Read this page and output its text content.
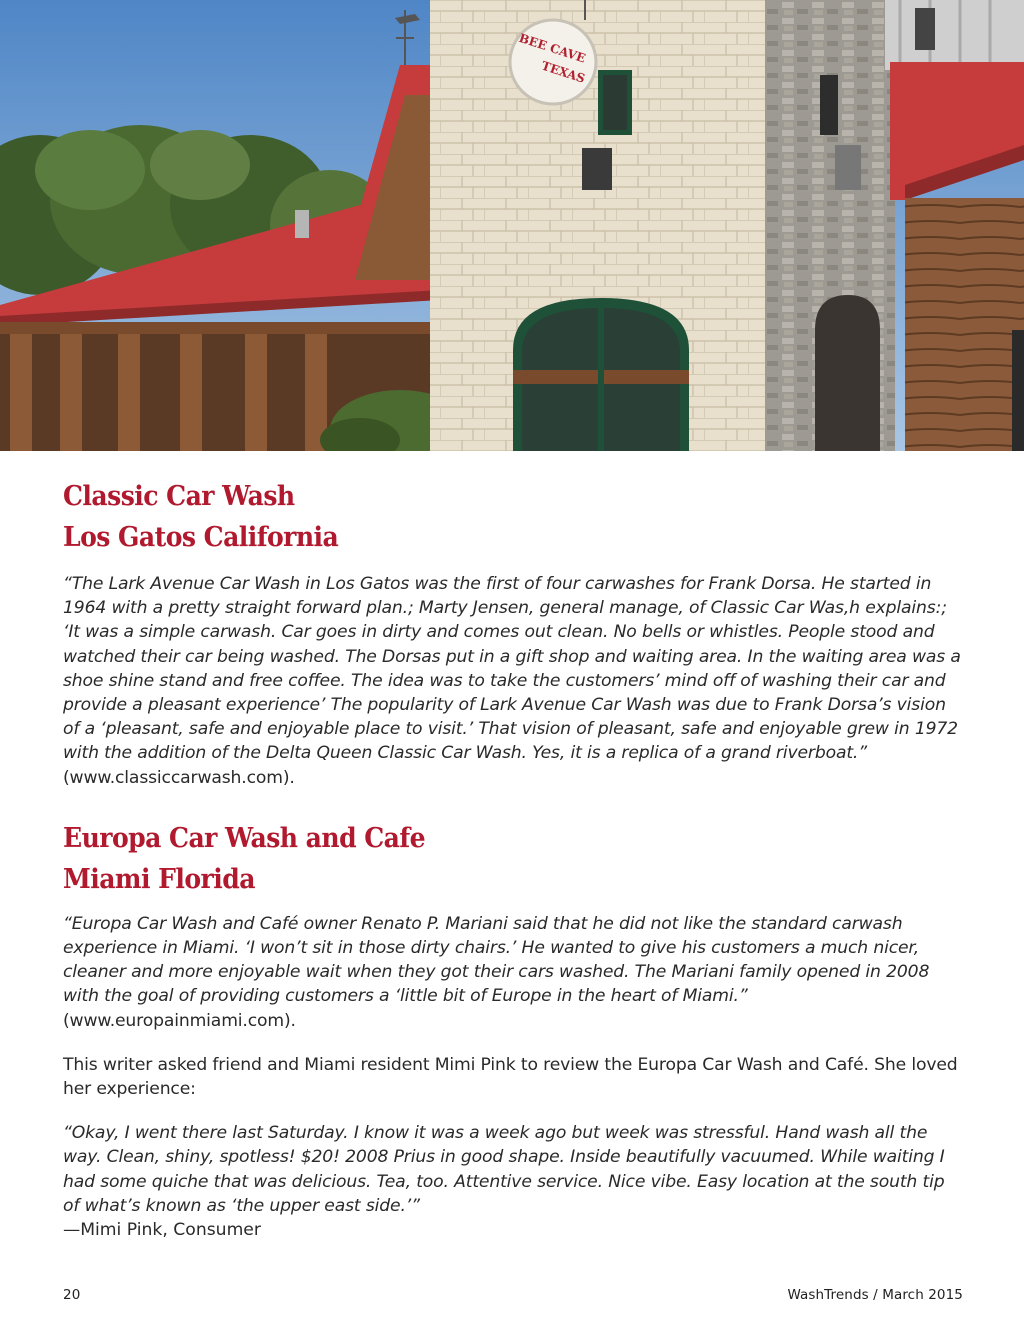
BEE CAVE
TEXAS
Classic Car Wash
Los Gatos California

“The Lark Avenue Car Wash in Los Gatos was the first of four carwashes for Frank Dorsa. He started in 1964 with a pretty straight forward plan.; Marty Jensen, general manage, of Classic Car Was,h explains:; ‘It was a simple carwash. Car goes in dirty and comes out clean. No bells or whistles. People stood and watched their car being washed. The Dorsas put in a gift shop and waiting area. In the waiting area was a shoe shine stand and free coffee. The idea was to take the customers’ mind off of washing their car and provide a pleasant experience’ The popularity of Lark Avenue Car Wash was due to Frank Dorsa’s vision of a ‘pleasant, safe and enjoyable place to visit.’ That vision of pleasant, safe and enjoyable grew in 1972 with the addition of the Delta Queen Classic Car Wash. Yes, it is a replica of a grand riverboat.” (www.classiccarwash.com).

Europa Car Wash and Cafe
Miami Florida

“Europa Car Wash and Café owner Renato P. Mariani said that he did not like the standard carwash experience in Miami. ‘I won’t sit in those dirty chairs.’ He wanted to give his customers a much nicer, cleaner and more enjoyable wait when they got their cars washed. The Mariani family opened in 2008 with the goal of providing customers a ‘little bit of Europe in the heart of Miami.” (www.europainmiami.com).

This writer asked friend and Miami resident Mimi Pink to review the Europa Car Wash and Café. She loved her experience:

“Okay, I went there last Saturday. I know it was a week ago but week was stressful. Hand wash all the way. Clean, shiny, spotless! $20! 2008 Prius in good shape. Inside beautifully vacuumed. While waiting I had some quiche that was delicious. Tea, too. Attentive service. Nice vibe. Easy location at the south tip of what’s known as ‘the upper east side.’”

—Mimi Pink, Consumer

20	WashTrends / March 2015
